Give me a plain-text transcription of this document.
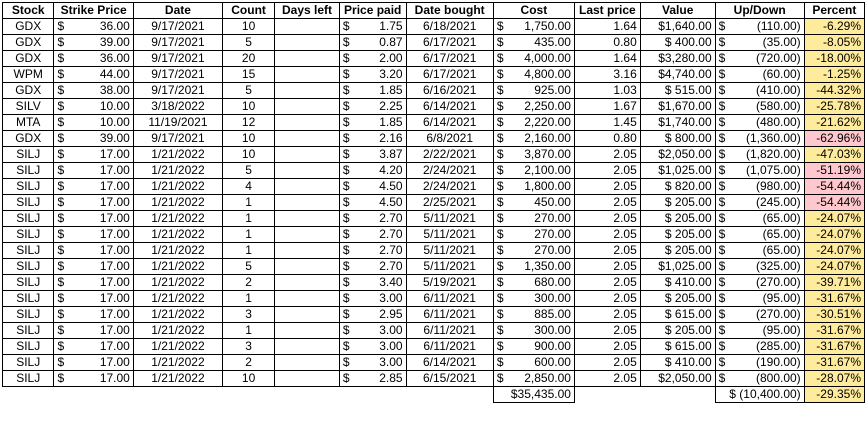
Stock	Strike Price	Date	Count	Days left	Price paid	Date bought	Cost	Last price	Value	Up/Down	Percent
GDX	$ 36.00	9/17/2021	10		$ 1.75	6/18/2021	$ 1,750.00	1.64	$1,640.00	$ (110.00)	-6.29%
GDX	$ 39.00	9/17/2021	5		$ 0.87	6/17/2021	$ 435.00	0.80	$ 400.00	$ (35.00)	-8.05%
GDX	$ 36.00	9/17/2021	20		$ 2.00	6/17/2021	$ 4,000.00	1.64	$3,280.00	$ (720.00)	-18.00%
WPM	$ 44.00	9/17/2021	15		$ 3.20	6/17/2021	$ 4,800.00	3.16	$4,740.00	$ (60.00)	-1.25%
GDX	$ 38.00	9/17/2021	5		$ 1.85	6/16/2021	$ 925.00	1.03	$ 515.00	$ (410.00)	-44.32%
SILV	$ 10.00	3/18/2022	10		$ 2.25	6/14/2021	$ 2,250.00	1.67	$1,670.00	$ (580.00)	-25.78%
MTA	$ 10.00	11/19/2021	12		$ 1.85	6/14/2021	$ 2,220.00	1.45	$1,740.00	$ (480.00)	-21.62%
GDX	$ 39.00	9/17/2021	10		$ 2.16	6/8/2021	$ 2,160.00	0.80	$ 800.00	$ (1,360.00)	-62.96%
SILJ	$ 17.00	1/21/2022	10		$ 3.87	2/22/2021	$ 3,870.00	2.05	$2,050.00	$ (1,820.00)	-47.03%
SILJ	$ 17.00	1/21/2022	5		$ 4.20	2/24/2021	$ 2,100.00	2.05	$1,025.00	$ (1,075.00)	-51.19%
SILJ	$ 17.00	1/21/2022	4		$ 4.50	2/24/2021	$ 1,800.00	2.05	$ 820.00	$ (980.00)	-54.44%
SILJ	$ 17.00	1/21/2022	1		$ 4.50	2/25/2021	$ 450.00	2.05	$ 205.00	$ (245.00)	-54.44%
SILJ	$ 17.00	1/21/2022	1		$ 2.70	5/11/2021	$ 270.00	2.05	$ 205.00	$ (65.00)	-24.07%
SILJ	$ 17.00	1/21/2022	1		$ 2.70	5/11/2021	$ 270.00	2.05	$ 205.00	$ (65.00)	-24.07%
SILJ	$ 17.00	1/21/2022	1		$ 2.70	5/11/2021	$ 270.00	2.05	$ 205.00	$ (65.00)	-24.07%
SILJ	$ 17.00	1/21/2022	5		$ 2.70	5/11/2021	$ 1,350.00	2.05	$1,025.00	$ (325.00)	-24.07%
SILJ	$ 17.00	1/21/2022	2		$ 3.40	5/19/2021	$ 680.00	2.05	$ 410.00	$ (270.00)	-39.71%
SILJ	$ 17.00	1/21/2022	1		$ 3.00	6/11/2021	$ 300.00	2.05	$ 205.00	$ (95.00)	-31.67%
SILJ	$ 17.00	1/21/2022	3		$ 2.95	6/11/2021	$ 885.00	2.05	$ 615.00	$ (270.00)	-30.51%
SILJ	$ 17.00	1/21/2022	1		$ 3.00	6/11/2021	$ 300.00	2.05	$ 205.00	$ (95.00)	-31.67%
SILJ	$ 17.00	1/21/2022	3		$ 3.00	6/11/2021	$ 900.00	2.05	$ 615.00	$ (285.00)	-31.67%
SILJ	$ 17.00	1/21/2022	2		$ 3.00	6/14/2021	$ 600.00	2.05	$ 410.00	$ (190.00)	-31.67%
SILJ	$ 17.00	1/21/2022	10		$ 2.85	6/15/2021	$ 2,850.00	2.05	$2,050.00	$ (800.00)	-28.07%
							$35,435.00			$ (10,400.00)	-29.35%
